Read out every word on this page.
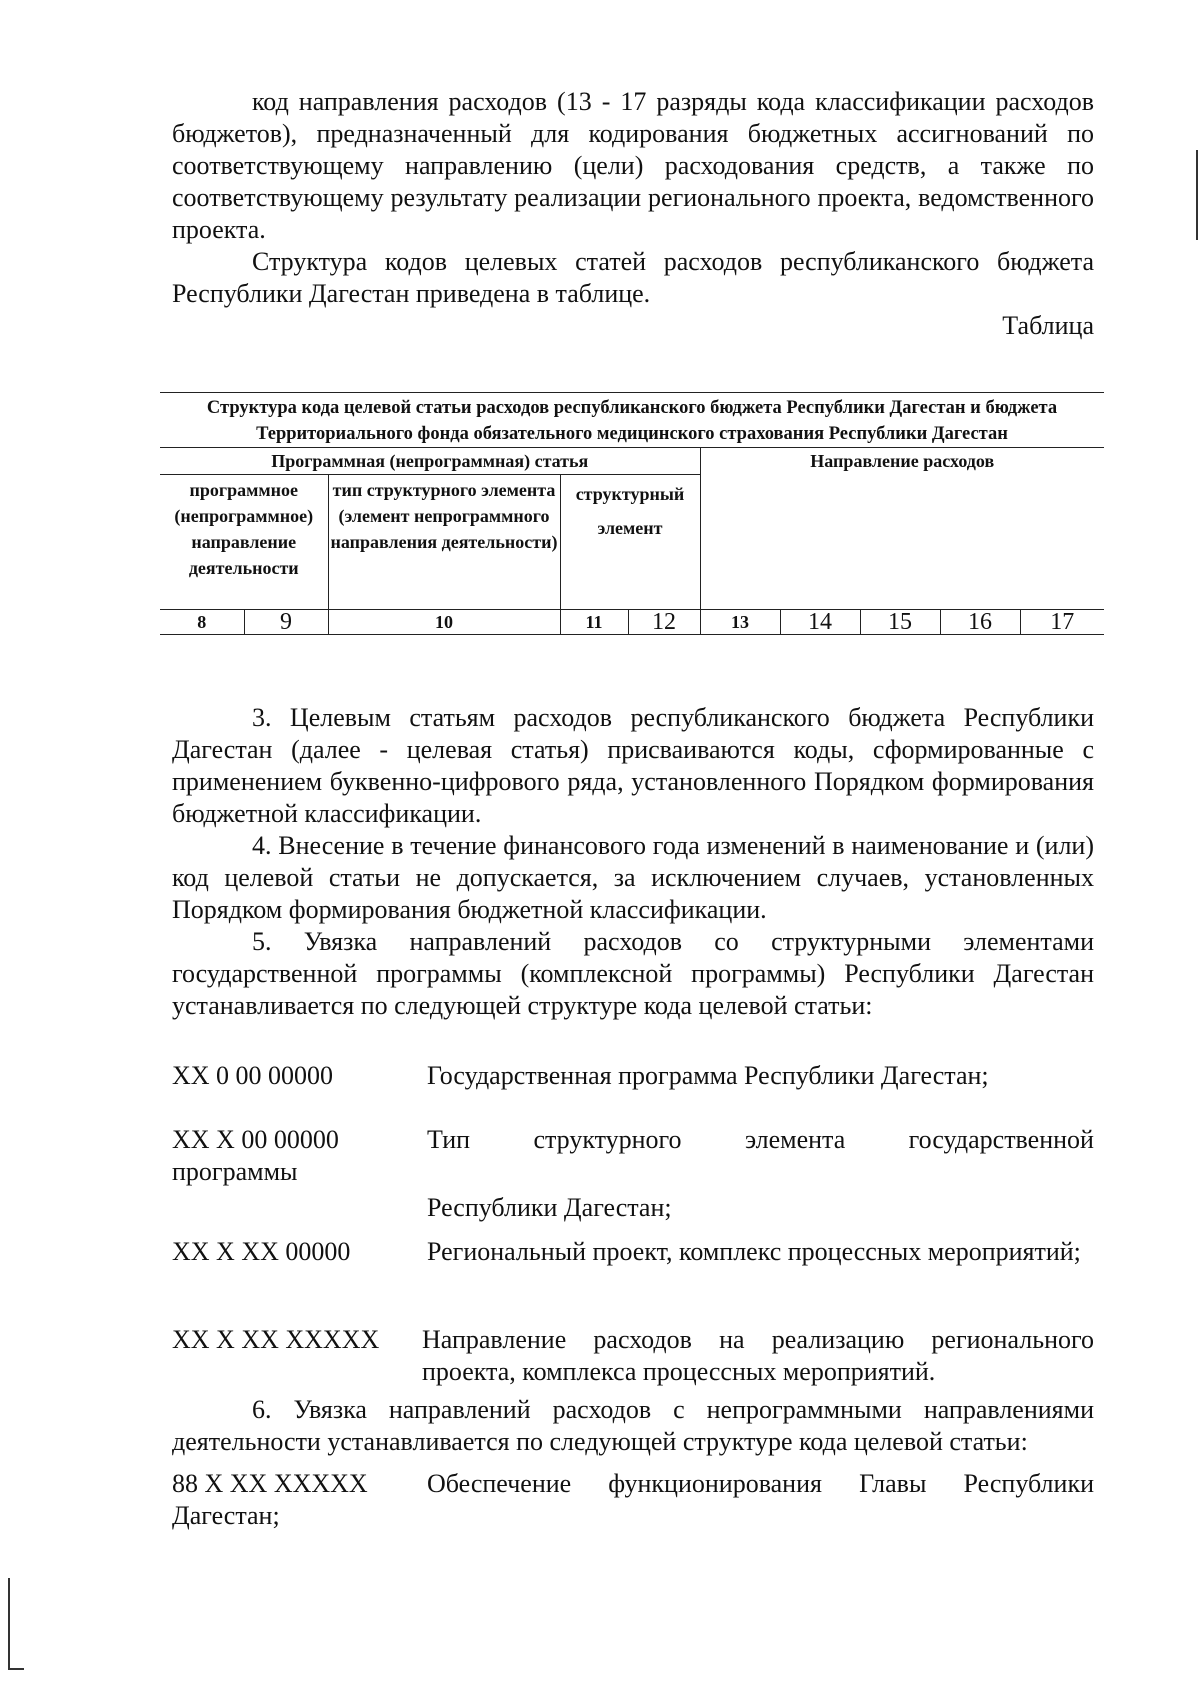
код направления расходов (13 - 17 разряды кода классификации расходов бюджетов), предназначенный для кодирования бюджетных ассигнований по соответствующему направлению (цели) расходования средств, а также по соответствующему результату реализации регионального проекта, ведомственного проекта.

Структура кодов целевых статей расходов республиканского бюджета Республики Дагестан приведена в таблице.

Таблица

Структура кода целевой статьи расходов республиканского бюджета Республики Дагестан и бюджета Территориального фонда обязательного медицинского страхования Республики Дагестан
Программная (непрограммная) статья					Направление расходов				
программное (непрограммное) направление деятельности		тип структурного элемента (элемент непрограммного направления деятельности)	структурный элемент						
8	9	10	11	12	13	14	15	16	17

3. Целевым статьям расходов республиканского бюджета Республики Дагестан (далее - целевая статья) присваиваются коды, сформированные с применением буквенно-цифрового ряда, установленного Порядком формирования бюджетной классификации.

4. Внесение в течение финансового года изменений в наименование и (или) код целевой статьи не допускается, за исключением случаев, установленных Порядком формирования бюджетной классификации.

5. Увязка направлений расходов со структурными элементами государственной программы (комплексной программы) Республики Дагестан устанавливается по следующей структуре кода целевой статьи:

XX 0 00 00000	Государственная программа Республики Дагестан;
XX X 00 00000	Тип структурного элемента государственной
программы
Республики Дагестан;
XX X XX 00000	Региональный проект, комплекс процессных мероприятий;
XX X XX XXXXX Направление расходов на реализацию регионального проекта, комплекса процессных мероприятий.

6. Увязка направлений расходов с непрограммными направлениями деятельности устанавливается по следующей структуре кода целевой статьи:

88 X XX XXXXX	Обеспечение функционирования Главы Республики Дагестан;
